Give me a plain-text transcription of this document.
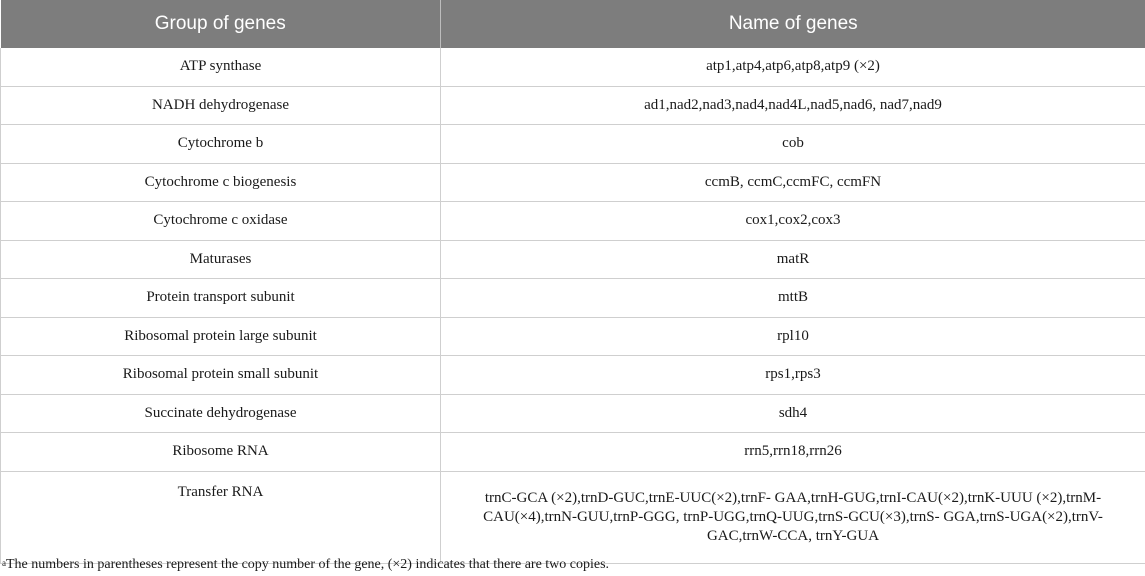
Group of genes	Name of genes
ATP synthase	atp1,atp4,atp6,atp8,atp9 (×2)
NADH dehydrogenase	ad1,nad2,nad3,nad4,nad4L,nad5,nad6, nad7,nad9
Cytochrome b	cob
Cytochrome c biogenesis	ccmB, ccmC,ccmFC, ccmFN
Cytochrome c oxidase	cox1,cox2,cox3
Maturases	matR
Protein transport subunit	mttB
Ribosomal protein large subunit	rpl10
Ribosomal protein small subunit	rps1,rps3
Succinate dehydrogenase	sdh4
Ribosome RNA	rrn5,rrn18,rrn26
Transfer RNA	trnC-GCA (×2),trnD-GUC,trnE-UUC(×2),trnF- GAA,trnH-GUG,trnI-CAU(×2),trnK-UUU (×2),trnM-CAU(×4),trnN-GUU,trnP-GGG, trnP-UGG,trnQ-UUG,trnS-GCU(×3),trnS- GGA,trnS-UGA(×2),trnV-GAC,trnW-CCA, trnY-GUA
$^a$The numbers in parentheses represent the copy number of the gene, (×2) indicates that there are two copies.
